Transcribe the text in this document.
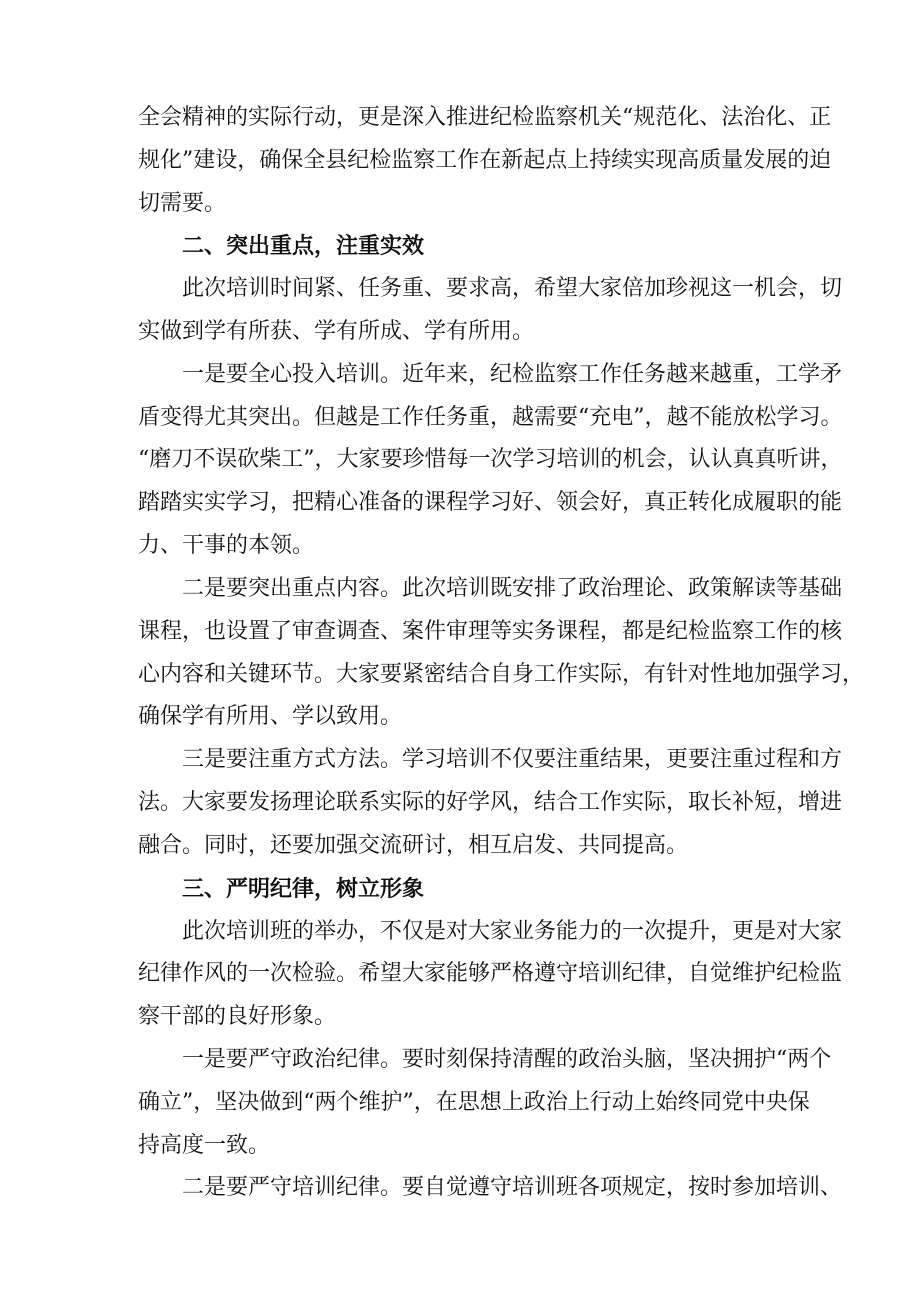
全会精神的实际行动，更是深入推进纪检监察机关“规范化、法治化、正
规化”建设，确保全县纪检监察工作在新起点上持续实现高质量发展的迫
切需要。
二、突出重点，注重实效
此次培训时间紧、任务重、要求高，希望大家倍加珍视这一机会，切
实做到学有所获、学有所成、学有所用。
一是要全心投入培训。近年来，纪检监察工作任务越来越重，工学矛
盾变得尤其突出。但越是工作任务重，越需要“充电”，越不能放松学习。
“磨刀不误砍柴工”，大家要珍惜每一次学习培训的机会，认认真真听讲，
踏踏实实学习，把精心准备的课程学习好、领会好，真正转化成履职的能
力、干事的本领。
二是要突出重点内容。此次培训既安排了政治理论、政策解读等基础
课程，也设置了审查调查、案件审理等实务课程，都是纪检监察工作的核
心内容和关键环节。大家要紧密结合自身工作实际，有针对性地加强学习，
确保学有所用、学以致用。
三是要注重方式方法。学习培训不仅要注重结果，更要注重过程和方
法。大家要发扬理论联系实际的好学风，结合工作实际，取长补短，增进
融合。同时，还要加强交流研讨，相互启发、共同提高。
三、严明纪律，树立形象
此次培训班的举办，不仅是对大家业务能力的一次提升，更是对大家
纪律作风的一次检验。希望大家能够严格遵守培训纪律，自觉维护纪检监
察干部的良好形象。
一是要严守政治纪律。要时刻保持清醒的政治头脑，坚决拥护“两个
确立”，坚决做到“两个维护”，在思想上政治上行动上始终同党中央保
持高度一致。
二是要严守培训纪律。要自觉遵守培训班各项规定，按时参加培训、
